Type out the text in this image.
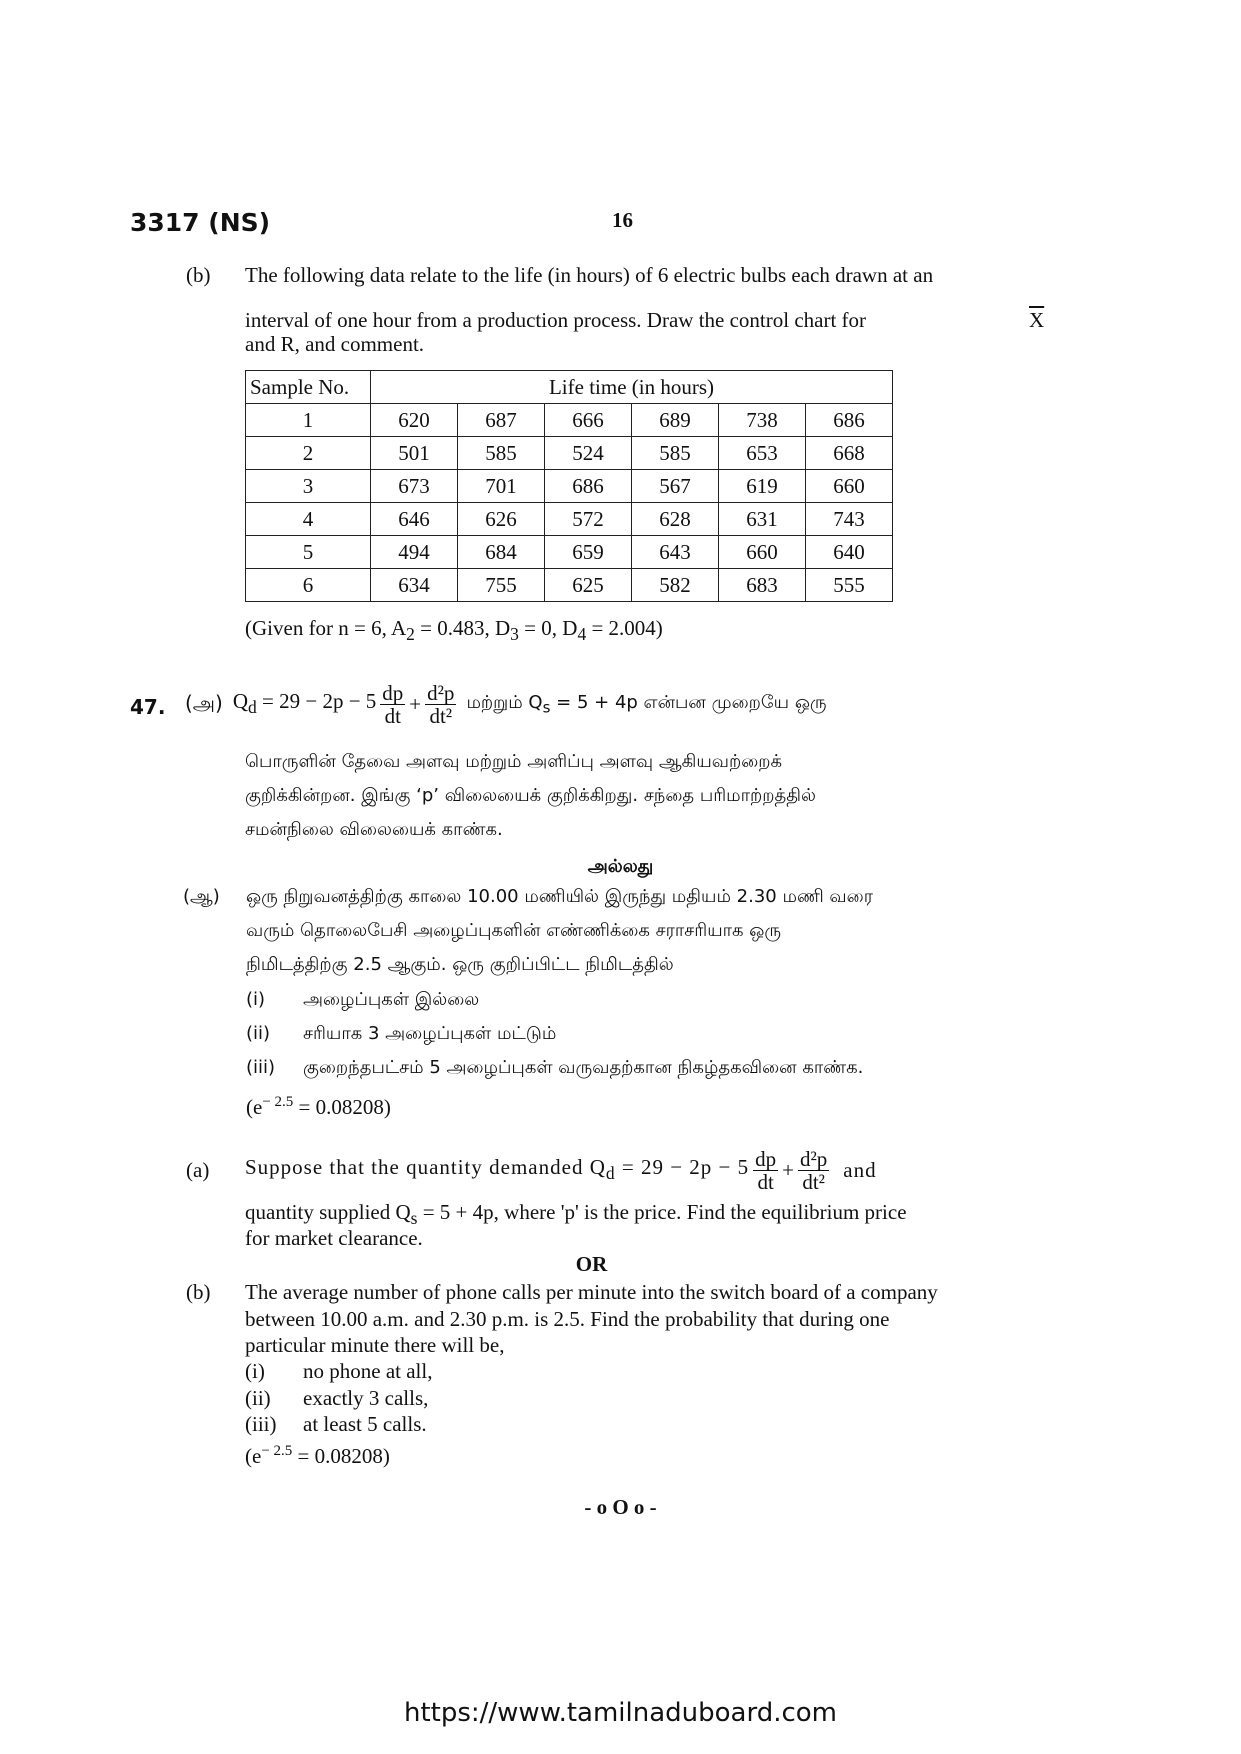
3317 (NS)	16
(b) The following data relate to the life (in hours) of 6 electric bulbs each drawn at an
interval of one hour from a production process. Draw the control chart for	$\overline{X}$
and R, and comment.
Sample No.	Life time (in hours)					
1	620	687	666	689	738	686
2	501	585	524	585	653	668
3	673	701	686	567	619	660
4	646	626	572	628	631	743
5	494	684	659	643	660	640
6	634	755	625	582	683	555
(Given for n = 6, $A_2 = 0.483$, $D_3 = 0$, $D_4 = 2.004$)
47. (அ) $Q_d = 29 - 2p - 5 \frac{dp}{dt} + \frac{\text{d²p}}{\text{dt²}}$ மற்றும் $Q_s = 5 + 4p$ என்பன முறையே ஒரு
பொருளின் தேவை அளவு மற்றும் அளிப்பு அளவு ஆகியவற்றைக்
குறிக்கின்றன. இங்கு ‘p’ விலையைக் குறிக்கிறது. சந்தை பரிமாற்றத்தில்
சமன்நிலை விலையைக் காண்க.
அல்லது
(ஆ) ஒரு நிறுவனத்திற்கு காலை 10.00 மணியில் இருந்து மதியம் 2.30 மணி வரை
வரும் தொலைபேசி அழைப்புகளின் எண்ணிக்கை சராசரியாக ஒரு
நிமிடத்திற்கு 2.5 ஆகும். ஒரு குறிப்பிட்ட நிமிடத்தில்
(i) அழைப்புகள் இல்லை
(ii) சரியாக 3 அழைப்புகள் மட்டும்
(iii) குறைந்தபட்சம் 5 அழைப்புகள் வருவதற்கான நிகழ்தகவினை காண்க.
$(e^{- 2.5} = 0.08208)$
(a) Suppose that the quantity demanded $Q_d = 29 - 2p - 5 \frac{dp}{dt} + \frac{\text{d²p}}{\text{dt²}}$ and
quantity supplied $Q_s = 5 + 4p$, where 'p' is the price. Find the equilibrium price
for market clearance.
OR
(b) The average number of phone calls per minute into the switch board of a company
between 10.00 a.m. and 2.30 p.m. is 2.5. Find the probability that during one
particular minute there will be,
(i) no phone at all,
(ii) exactly 3 calls,
(iii) at least 5 calls.
$(e^{- 2.5} = 0.08208)$
- o O o -
https://www.tamilnaduboard.com
